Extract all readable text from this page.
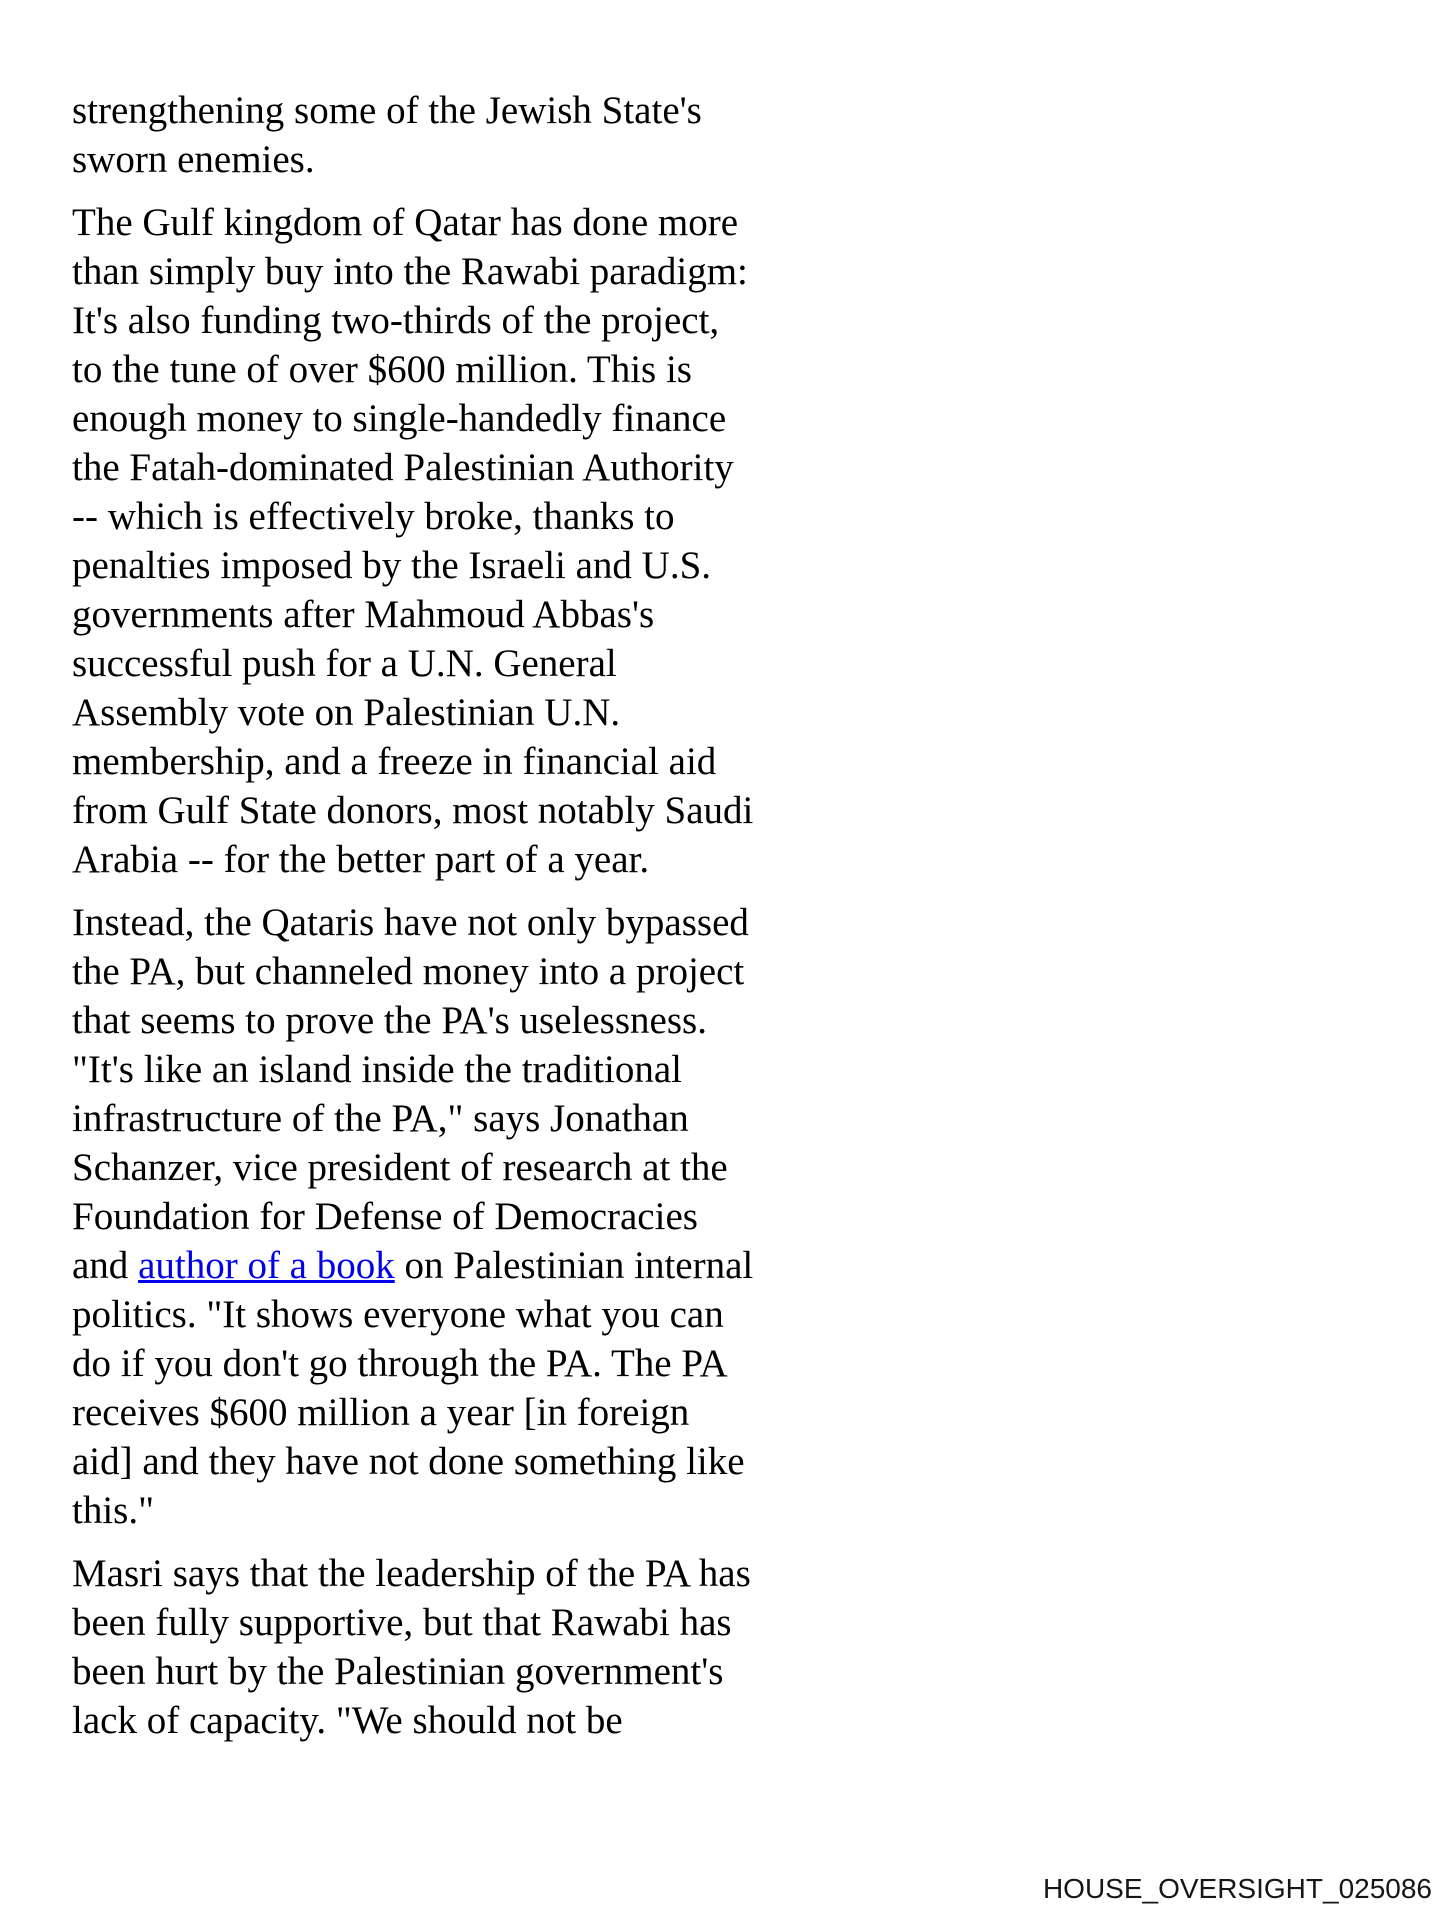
strengthening some of the Jewish State's
sworn enemies.

The Gulf kingdom of Qatar has done more
than simply buy into the Rawabi paradigm:
It's also funding two-thirds of the project,
to the tune of over $600 million. This is
enough money to single-handedly finance
the Fatah-dominated Palestinian Authority
-- which is effectively broke, thanks to
penalties imposed by the Israeli and U.S.
governments after Mahmoud Abbas's
successful push for a U.N. General
Assembly vote on Palestinian U.N.
membership, and a freeze in financial aid
from Gulf State donors, most notably Saudi
Arabia -- for the better part of a year.

Instead, the Qataris have not only bypassed
the PA, but channeled money into a project
that seems to prove the PA's uselessness.
"It's like an island inside the traditional
infrastructure of the PA," says Jonathan
Schanzer, vice president of research at the
Foundation for Defense of Democracies
and author of a book on Palestinian internal
politics. "It shows everyone what you can
do if you don't go through the PA. The PA
receives $600 million a year [in foreign
aid] and they have not done something like
this."

Masri says that the leadership of the PA has
been fully supportive, but that Rawabi has
been hurt by the Palestinian government's
lack of capacity. "We should not be

HOUSE_OVERSIGHT_025086
